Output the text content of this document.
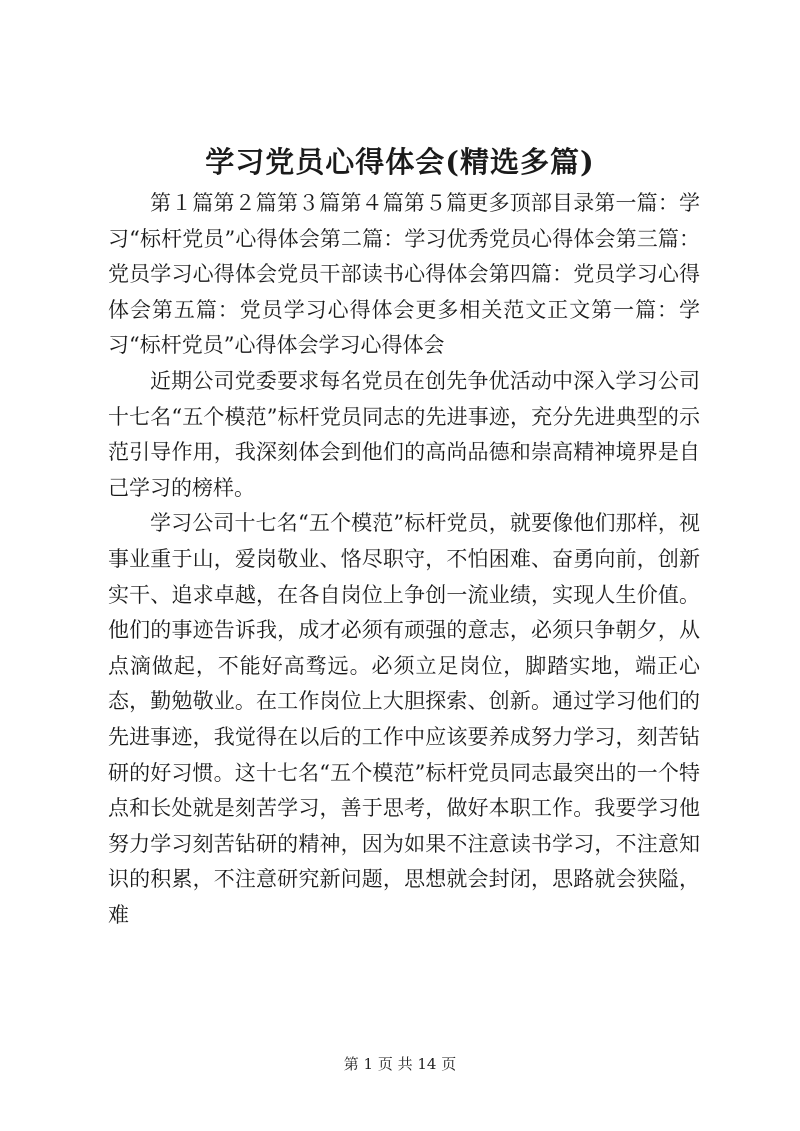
学习党员心得体会(精选多篇)

第１篇第２篇第３篇第４篇第５篇更多顶部目录第一篇：学习“标杆党员”心得体会第二篇：学习优秀党员心得体会第三篇：党员学习心得体会党员干部读书心得体会第四篇：党员学习心得体会第五篇：党员学习心得体会更多相关范文正文第一篇：学习“标杆党员”心得体会学习心得体会

近期公司党委要求每名党员在创先争优活动中深入学习公司十七名“五个模范”标杆党员同志的先进事迹，充分先进典型的示范引导作用，我深刻体会到他们的高尚品德和崇高精神境界是自己学习的榜样。

学习公司十七名“五个模范”标杆党员，就要像他们那样，视事业重于山，爱岗敬业、恪尽职守，不怕困难、奋勇向前，创新实干、追求卓越，在各自岗位上争创一流业绩，实现人生价值。他们的事迹告诉我，成才必须有顽强的意志，必须只争朝夕，从点滴做起，不能好高骛远。必须立足岗位，脚踏实地，端正心态，勤勉敬业。在工作岗位上大胆探索、创新。通过学习他们的先进事迹，我觉得在以后的工作中应该要养成努力学习，刻苦钻研的好习惯。这十七名“五个模范”标杆党员同志最突出的一个特点和长处就是刻苦学习，善于思考，做好本职工作。我要学习他努力学习刻苦钻研的精神，因为如果不注意读书学习，不注意知识的积累，不注意研究新问题，思想就会封闭，思路就会狭隘，难

第 1 页 共 14 页
